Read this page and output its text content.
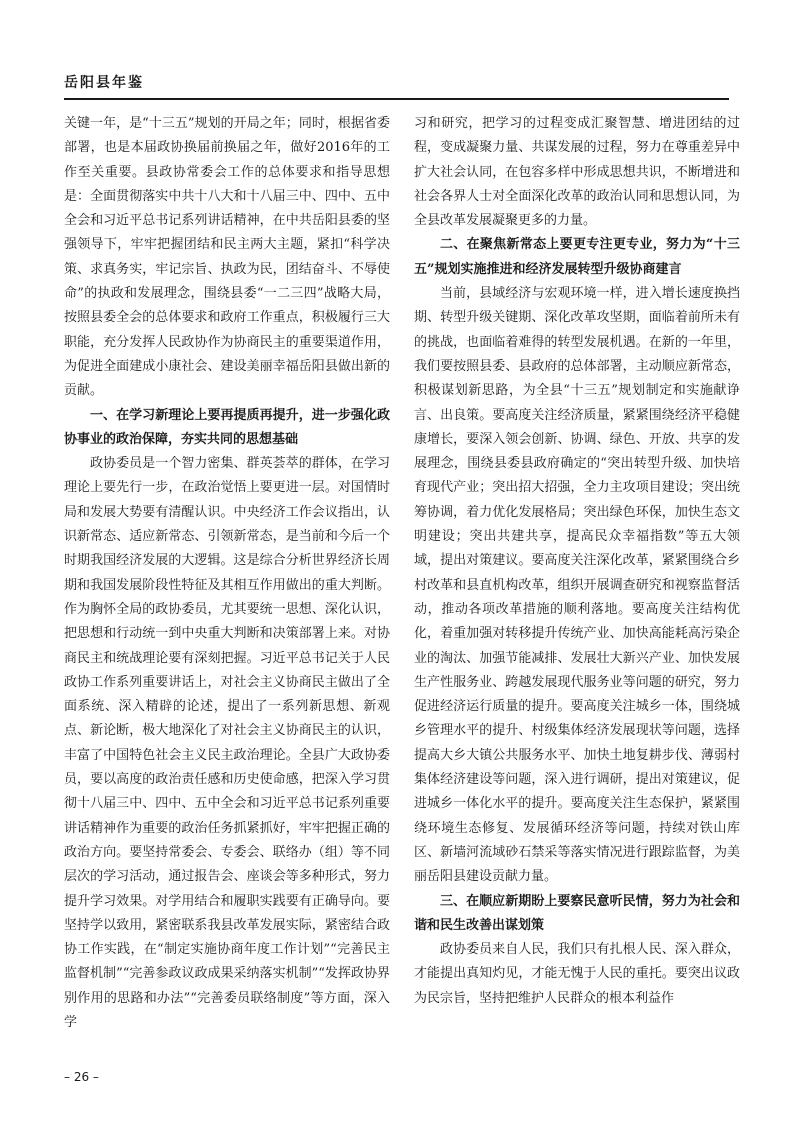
岳阳县年鉴

关键一年，是“十三五”规划的开局之年；同时，根据省委部署，也是本届政协换届前换届之年，做好2016年的工作至关重要。县政协常委会工作的总体要求和指导思想是：全面贯彻落实中共十八大和十八届三中、四中、五中全会和习近平总书记系列讲话精神，在中共岳阳县委的坚强领导下，牢牢把握团结和民主两大主题，紧扣“科学决策、求真务实，牢记宗旨、执政为民，团结奋斗、不辱使命”的执政和发展理念，围绕县委“一二三四”战略大局，按照县委全会的总体要求和政府工作重点，积极履行三大职能，充分发挥人民政协作为协商民主的重要渠道作用，为促进全面建成小康社会、建设美丽幸福岳阳县做出新的贡献。

一、在学习新理论上要再提质再提升，进一步强化政协事业的政治保障，夯实共同的思想基础

政协委员是一个智力密集、群英荟萃的群体，在学习理论上要先行一步，在政治觉悟上要更进一层。对国情时局和发展大势要有清醒认识。中央经济工作会议指出，认识新常态、适应新常态、引领新常态，是当前和今后一个时期我国经济发展的大逻辑。这是综合分析世界经济长周期和我国发展阶段性特征及其相互作用做出的重大判断。作为胸怀全局的政协委员，尤其要统一思想、深化认识，把思想和行动统一到中央重大判断和决策部署上来。对协商民主和统战理论要有深刻把握。习近平总书记关于人民政协工作系列重要讲话上，对社会主义协商民主做出了全面系统、深入精辟的论述，提出了一系列新思想、新观点、新论断，极大地深化了对社会主义协商民主的认识，丰富了中国特色社会主义民主政治理论。全县广大政协委员，要以高度的政治责任感和历史使命感，把深入学习贯彻十八届三中、四中、五中全会和习近平总书记系列重要讲话精神作为重要的政治任务抓紧抓好，牢牢把握正确的政治方向。要坚持常委会、专委会、联络办（组）等不同层次的学习活动，通过报告会、座谈会等多种形式，努力提升学习效果。对学用结合和履职实践要有正确导向。要坚持学以致用，紧密联系我县改革发展实际，紧密结合政协工作实践，在“制定实施协商年度工作计划”“完善民主监督机制”“完善参政议政成果采纳落实机制”“发挥政协界别作用的思路和办法”“完善委员联络制度”等方面，深入学

习和研究，把学习的过程变成汇聚智慧、增进团结的过程，变成凝聚力量、共谋发展的过程，努力在尊重差异中扩大社会认同，在包容多样中形成思想共识，不断增进和社会各界人士对全面深化改革的政治认同和思想认同，为全县改革发展凝聚更多的力量。

二、在聚焦新常态上要更专注更专业，努力为“十三五”规划实施推进和经济发展转型升级协商建言

当前，县域经济与宏观环境一样，进入增长速度换挡期、转型升级关键期、深化改革攻坚期，面临着前所未有的挑战，也面临着难得的转型发展机遇。在新的一年里，我们要按照县委、县政府的总体部署，主动顺应新常态，积极谋划新思路，为全县“十三五”规划制定和实施献诤言、出良策。要高度关注经济质量，紧紧围绕经济平稳健康增长，要深入领会创新、协调、绿色、开放、共享的发展理念，围绕县委县政府确定的“突出转型升级、加快培育现代产业；突出招大招强，全力主攻项目建设；突出统筹协调，着力优化发展格局；突出绿色环保，加快生态文明建设；突出共建共享，提高民众幸福指数”等五大领域，提出对策建议。要高度关注深化改革，紧紧围绕合乡村改革和县直机构改革，组织开展调查研究和视察监督活动，推动各项改革措施的顺利落地。要高度关注结构优化，着重加强对转移提升传统产业、加快高能耗高污染企业的淘汰、加强节能减排、发展壮大新兴产业、加快发展生产性服务业、跨越发展现代服务业等问题的研究，努力促进经济运行质量的提升。要高度关注城乡一体，围绕城乡管理水平的提升、村级集体经济发展现状等问题，选择提高大乡大镇公共服务水平、加快土地复耕步伐、薄弱村集体经济建设等问题，深入进行调研，提出对策建议，促进城乡一体化水平的提升。要高度关注生态保护，紧紧围绕环境生态修复、发展循环经济等问题，持续对铁山库区、新墙河流域砂石禁采等落实情况进行跟踪监督，为美丽岳阳县建设贡献力量。

三、在顺应新期盼上要察民意听民情，努力为社会和谐和民生改善出谋划策

政协委员来自人民，我们只有扎根人民、深入群众，才能提出真知灼见，才能无愧于人民的重托。要突出议政为民宗旨，坚持把维护人民群众的根本利益作

– 26 –
